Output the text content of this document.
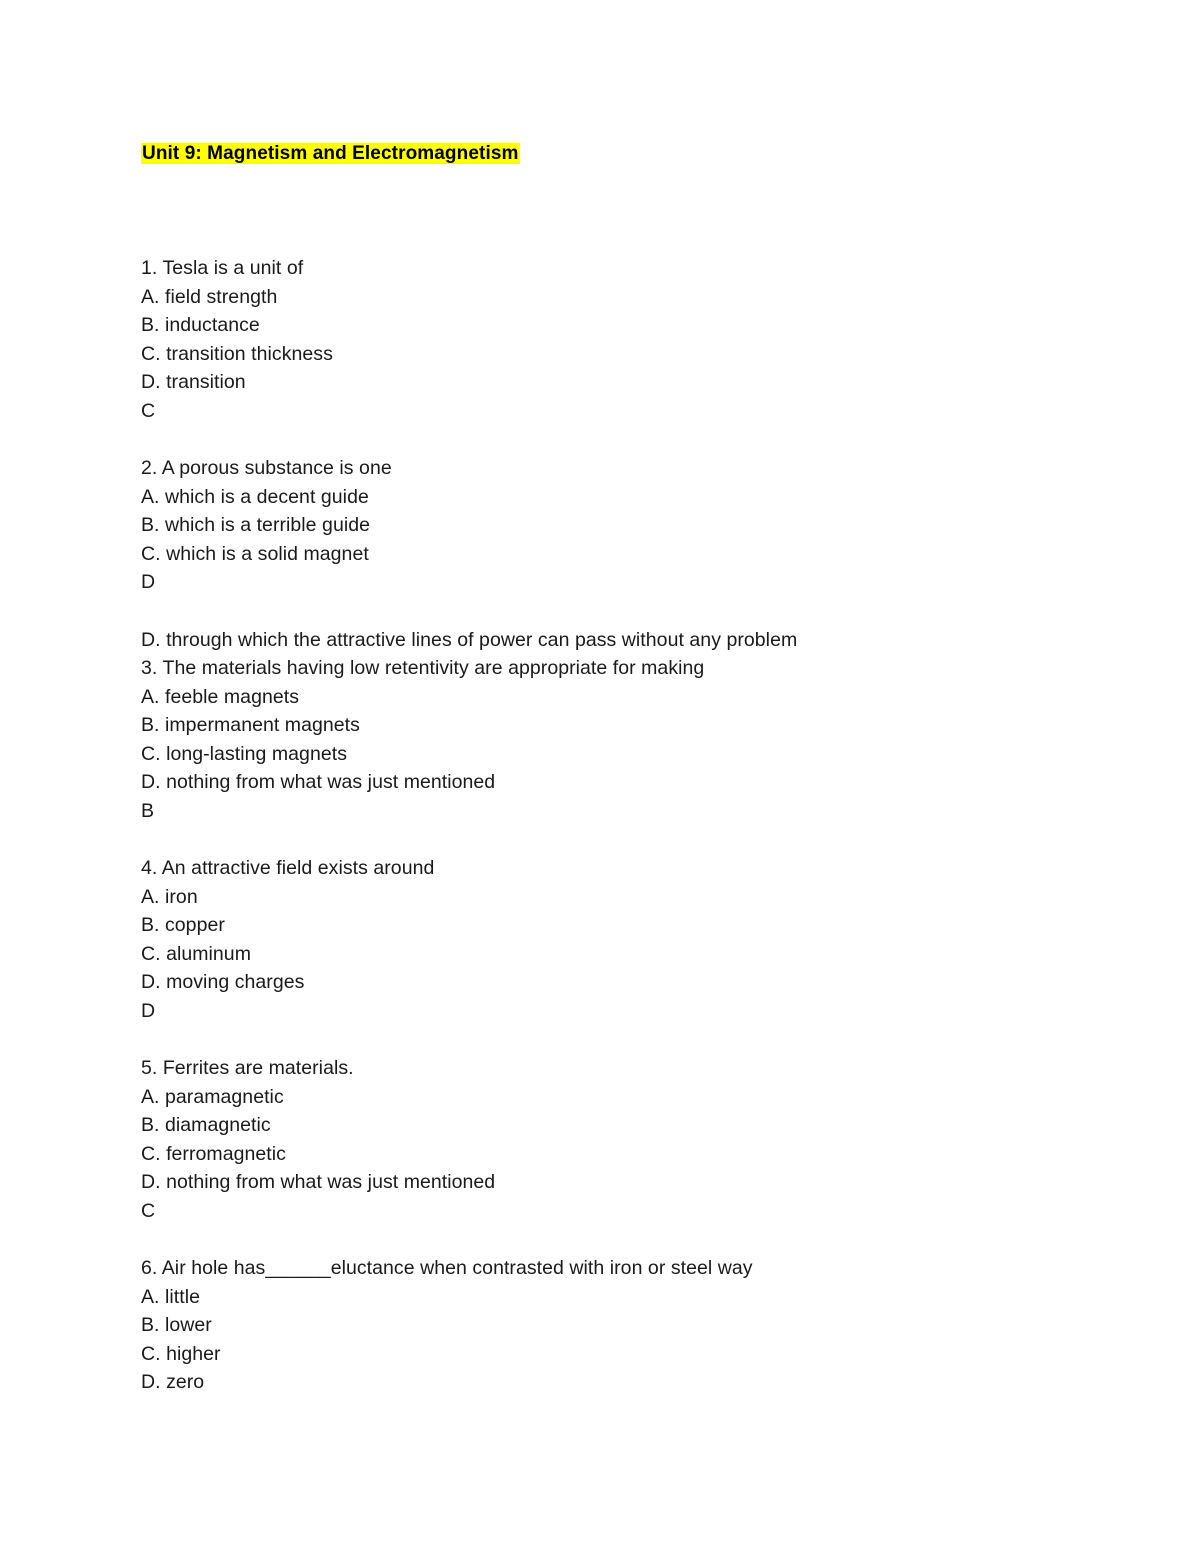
Unit 9: Magnetism and Electromagnetism
1. Tesla is a unit of
A. field strength
B. inductance
C. transition thickness
D. transition
C
2. A porous substance is one
A. which is a decent guide
B. which is a terrible guide
C. which is a solid magnet
D
D. through which the attractive lines of power can pass without any problem
3. The materials having low retentivity are appropriate for making
A. feeble magnets
B. impermanent magnets
C. long-lasting magnets
D. nothing from what was just mentioned
B
4. An attractive field exists around
A. iron
B. copper
C. aluminum
D. moving charges
D
5. Ferrites are materials.
A. paramagnetic
B. diamagnetic
C. ferromagnetic
D. nothing from what was just mentioned
C
6. Air hole has______eluctance when contrasted with iron or steel way
A. little
B. lower
C. higher
D. zero
